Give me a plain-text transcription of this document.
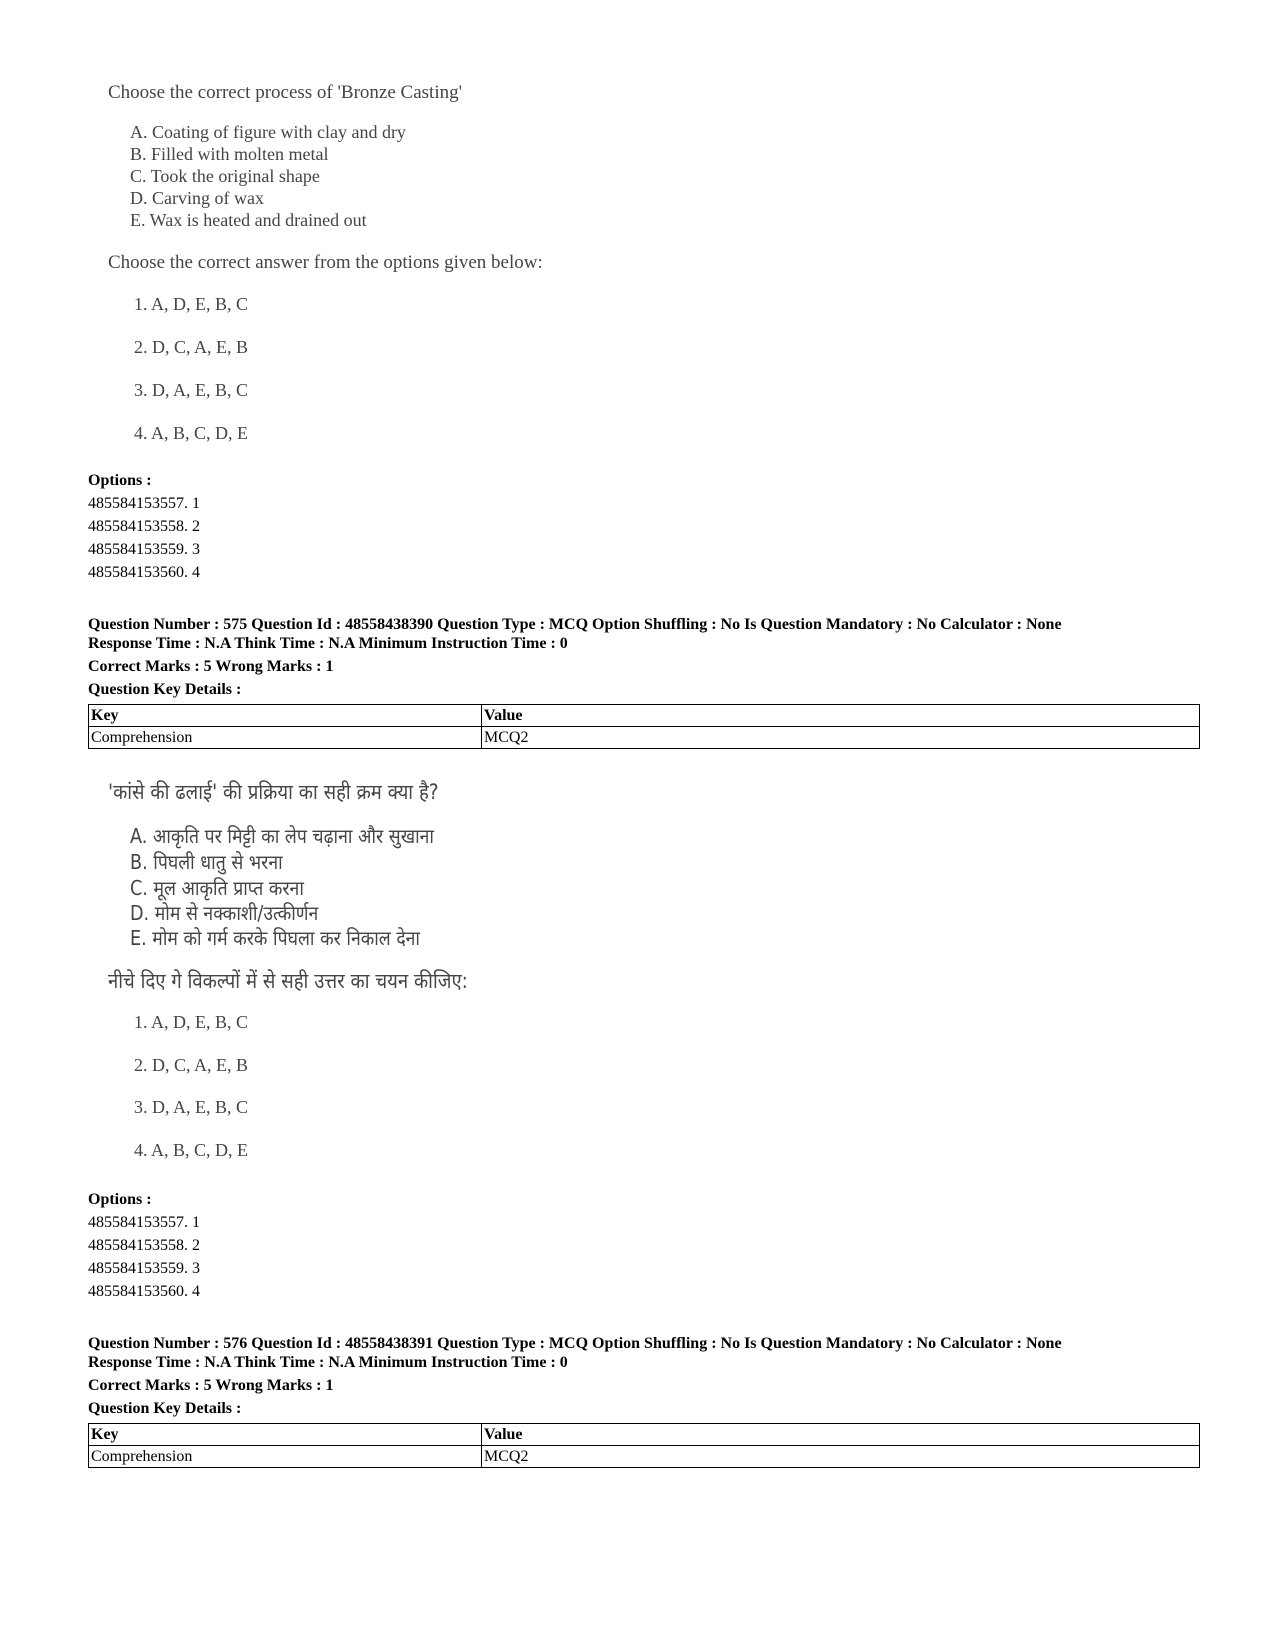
Choose the correct process of 'Bronze Casting'
A. Coating of figure with clay and dry
B. Filled with molten metal
C. Took the original shape
D. Carving of wax
E. Wax is heated and drained out
Choose the correct answer from the options given below:
1. A, D, E, B, C
2. D, C, A, E, B
3. D, A, E, B, C
4. A, B, C, D, E
Options :
485584153557. 1
485584153558. 2
485584153559. 3
485584153560. 4
Question Number : 575 Question Id : 48558438390 Question Type : MCQ Option Shuffling : No Is Question Mandatory : No Calculator : None
Response Time : N.A Think Time : N.A Minimum Instruction Time : 0
Correct Marks : 5 Wrong Marks : 1
Question Key Details :
Key	Value
Comprehension	MCQ2
'कांसे की ढलाई' की प्रक्रिया का सही क्रम क्या है?
A. आकृति पर मिट्टी का लेप चढ़ाना और सुखाना
B. पिघली धातु से भरना
C. मूल आकृति प्राप्त करना
D. मोम से नक्काशी/उत्कीर्णन
E. मोम को गर्म करके पिघला कर निकाल देना
नीचे दिए गे विकल्पों में से सही उत्तर का चयन कीजिए:
1. A, D, E, B, C
2. D, C, A, E, B
3. D, A, E, B, C
4. A, B, C, D, E
Options :
485584153557. 1
485584153558. 2
485584153559. 3
485584153560. 4
Question Number : 576 Question Id : 48558438391 Question Type : MCQ Option Shuffling : No Is Question Mandatory : No Calculator : None
Response Time : N.A Think Time : N.A Minimum Instruction Time : 0
Correct Marks : 5 Wrong Marks : 1
Question Key Details :
Key	Value
Comprehension	MCQ2
